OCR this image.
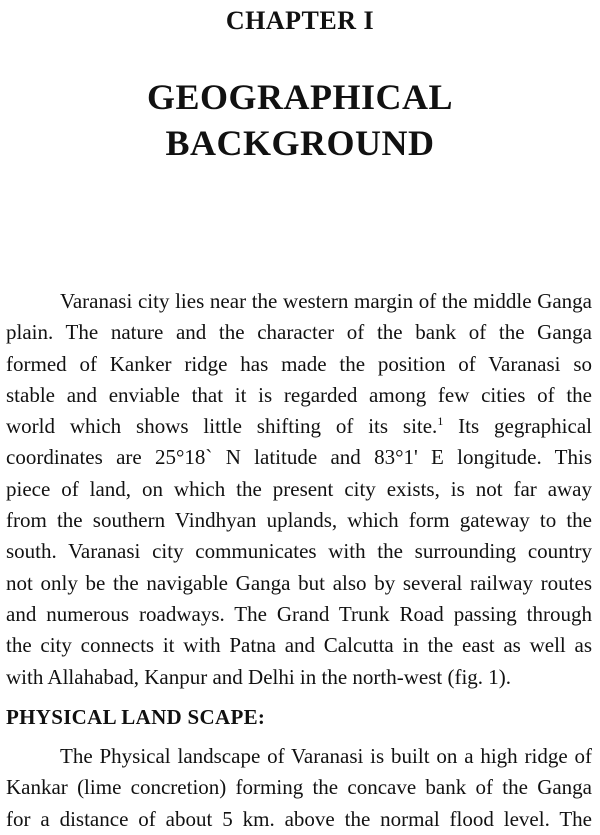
CHAPTER I
GEOGRAPHICAL
BACKGROUND
Varanasi city lies near the western margin of the middle Ganga
plain. The nature and the character of the bank of the Ganga
formed of Kanker ridge has made the position of Varanasi so
stable and enviable that it is regarded among few cities of the
world which shows little shifting of its site.$^1$ Its gegraphical
coordinates are 25°18` N latitude and 83°1' E longitude. This
piece of land, on which the present city exists, is not far away
from the southern Vindhyan uplands, which form gateway to the
south. Varanasi city communicates with the surrounding country
not only be the navigable Ganga but also by several railway routes
and numerous roadways. The Grand Trunk Road passing through
the city connects it with Patna and Calcutta in the east as well as
with Allahabad, Kanpur and Delhi in the north-west (fig. 1).
PHYSICAL LAND SCAPE:
The Physical landscape of Varanasi is built on a high ridge of
Kankar (lime concretion) forming the concave bank of the Ganga
for a distance of about 5 km. above the normal flood level. The
